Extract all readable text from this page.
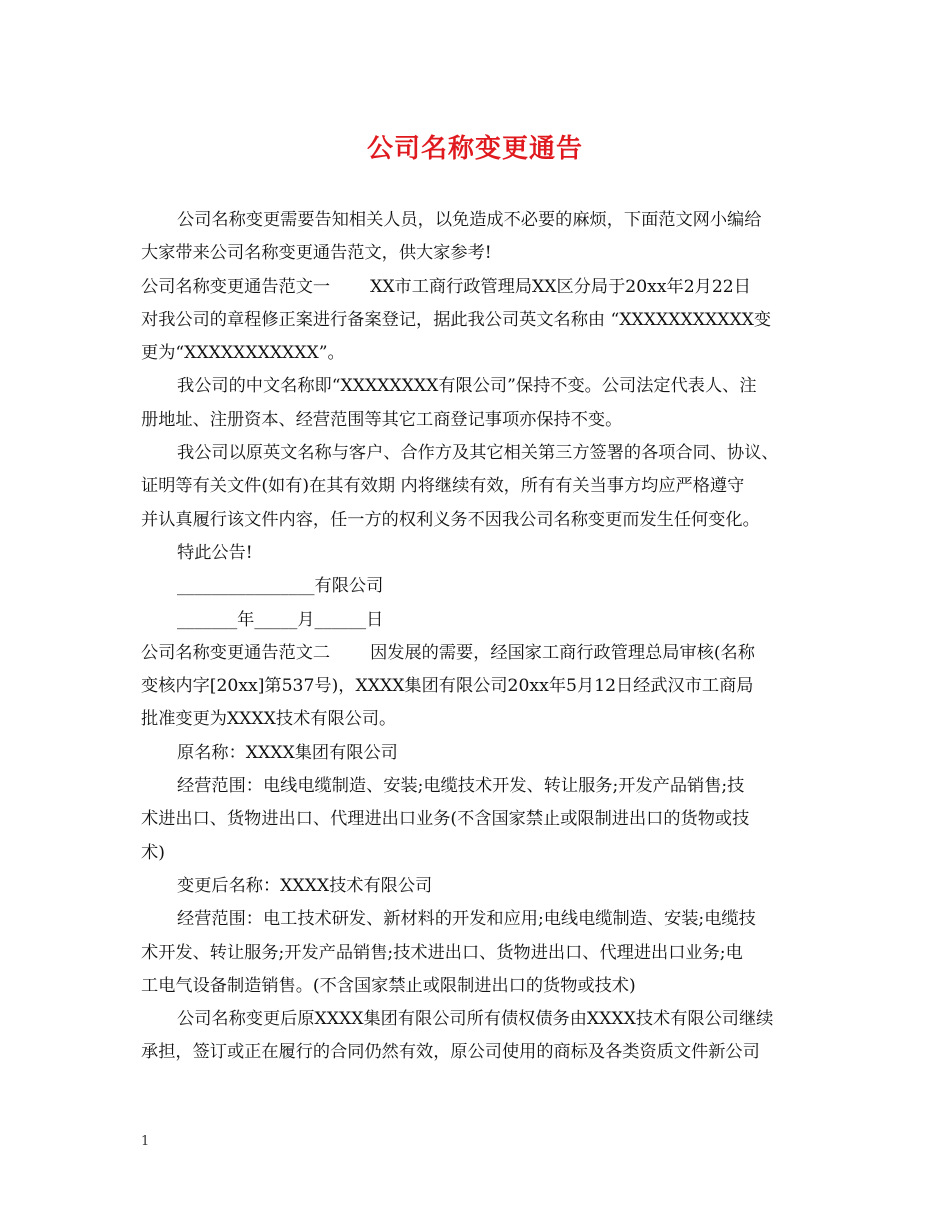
公司名称变更通告
公司名称变更需要告知相关人员，以免造成不必要的麻烦，下面范文网小编给
大家带来公司名称变更通告范文，供大家参考!
公司名称变更通告范文一 XX市工商行政管理局XX区分局于20xx年2月22日
对我公司的章程修正案进行备案登记，据此我公司英文名称由 “XXXXXXXXXXX变
更为“XXXXXXXXXXX”。
我公司的中文名称即“XXXXXXXX有限公司”保持不变。公司法定代表人、注
册地址、注册资本、经营范围等其它工商登记事项亦保持不变。
我公司以原英文名称与客户、合作方及其它相关第三方签署的各项合同、协议、
证明等有关文件(如有)在其有效期 内将继续有效，所有有关当事方均应严格遵守
并认真履行该文件内容，任一方的权利义务不因我公司名称变更而发生任何变化。
特此公告!
________________有限公司
_______年_____月______日
公司名称变更通告范文二 因发展的需要，经国家工商行政管理总局审核(名称
变核内字[20xx]第537号)，XXXX集团有限公司20xx年5月12日经武汉市工商局
批准变更为XXXX技术有限公司。
原名称：XXXX集团有限公司
经营范围：电线电缆制造、安装;电缆技术开发、转让服务;开发产品销售;技
术进出口、货物进出口、代理进出口业务(不含国家禁止或限制进出口的货物或技
术)
变更后名称：XXXX技术有限公司
经营范围：电工技术研发、新材料的开发和应用;电线电缆制造、安装;电缆技
术开发、转让服务;开发产品销售;技术进出口、货物进出口、代理进出口业务;电
工电气设备制造销售。(不含国家禁止或限制进出口的货物或技术)
公司名称变更后原XXXX集团有限公司所有债权债务由XXXX技术有限公司继续
承担，签订或正在履行的合同仍然有效，原公司使用的商标及各类资质文件新公司
1
